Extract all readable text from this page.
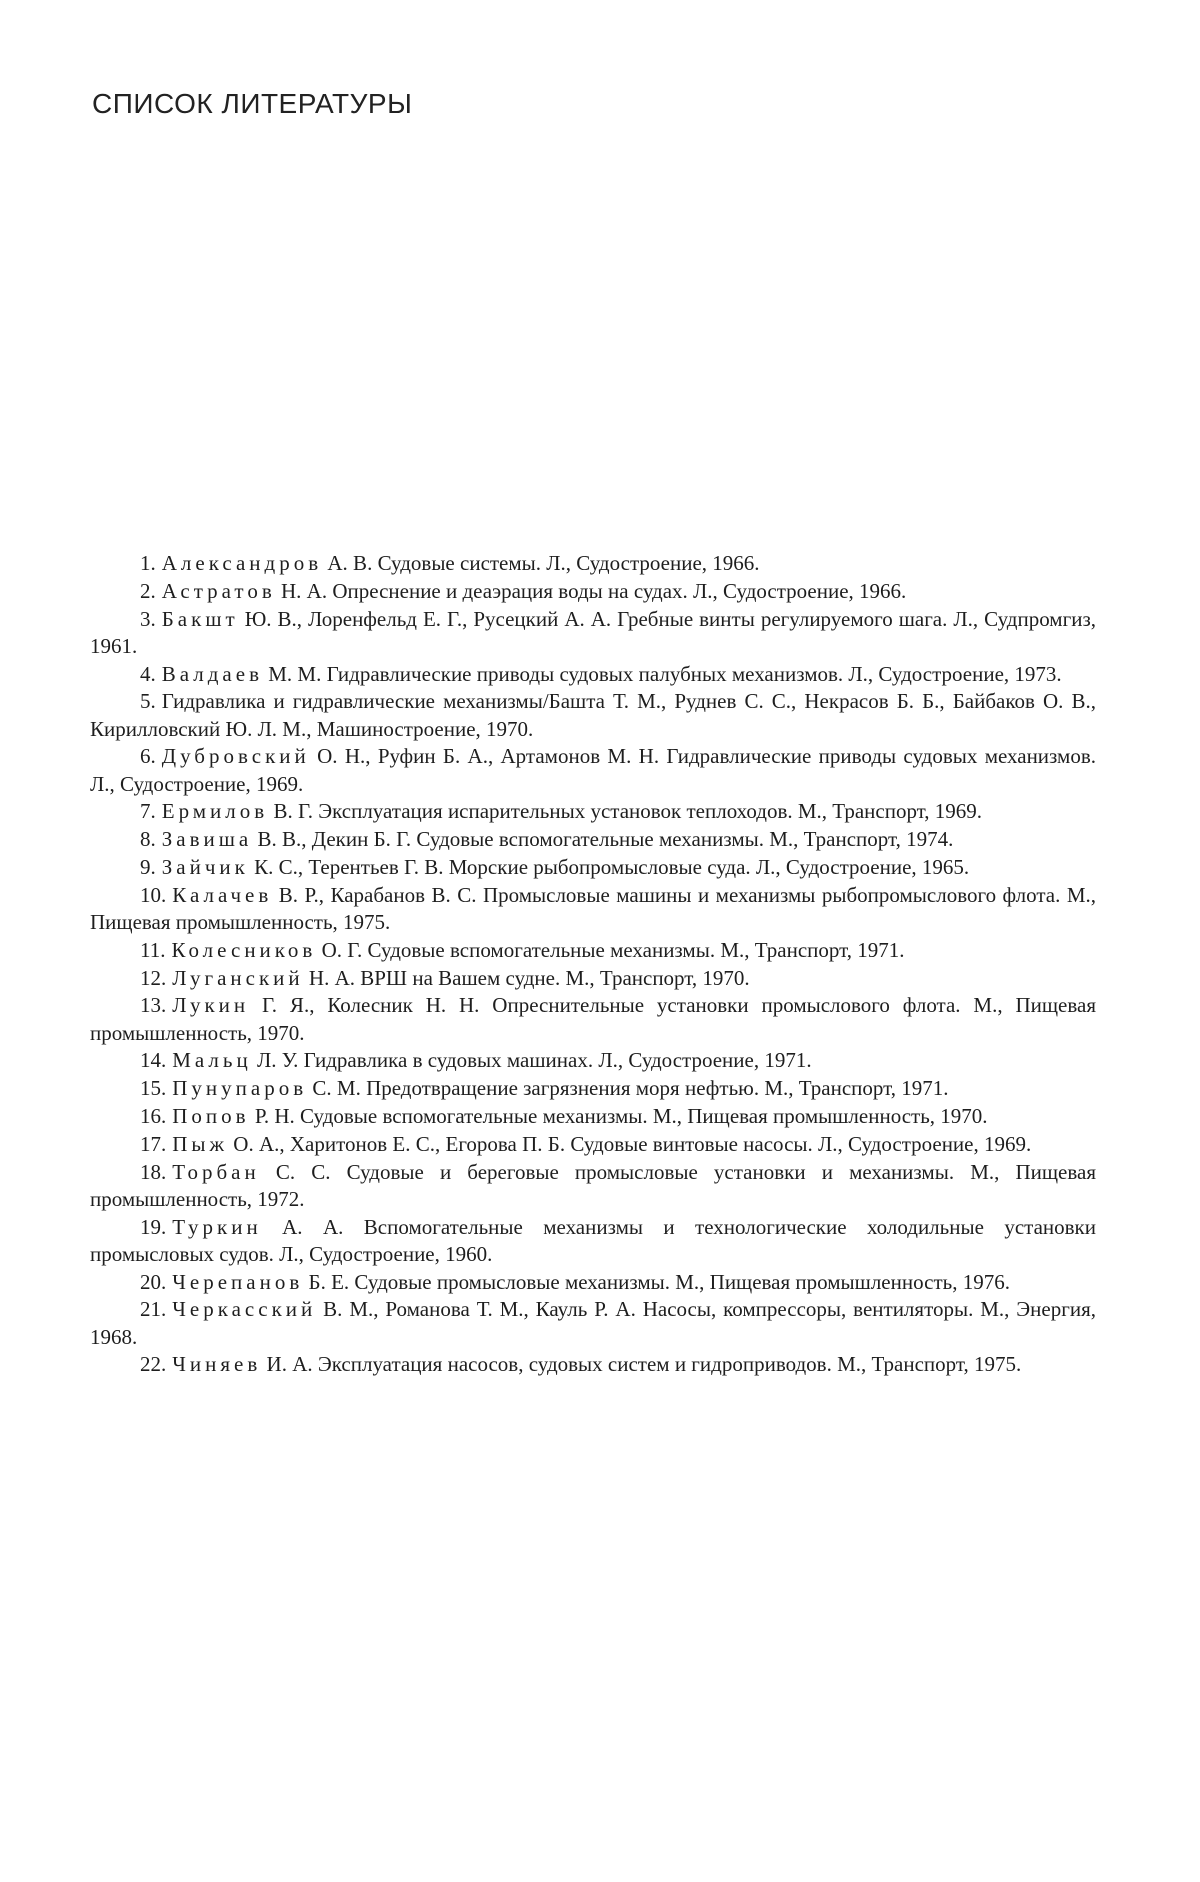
СПИСОК ЛИТЕРАТУРЫ
1. Александров А. В. Судовые системы. Л., Судостроение, 1966.
2. Астратов Н. А. Опреснение и деаэрация воды на судах. Л., Судостроение, 1966.
3. Бакшт Ю. В., Лоренфельд Е. Г., Русецкий А. А. Гребные винты регулируемого шага. Л., Судпромгиз, 1961.
4. Валдаев М. М. Гидравлические приводы судовых палубных механизмов. Л., Судостроение, 1973.
5. Гидравлика и гидравлические механизмы/Башта Т. М., Руднев С. С., Некрасов Б. Б., Байбаков О. В., Кирилловский Ю. Л. М., Машиностроение, 1970.
6. Дубровский О. Н., Руфин Б. А., Артамонов М. Н. Гидравлические приводы судовых механизмов. Л., Судостроение, 1969.
7. Ермилов В. Г. Эксплуатация испарительных установок теплоходов. М., Транспорт, 1969.
8. Завиша В. В., Декин Б. Г. Судовые вспомогательные механизмы. М., Транспорт, 1974.
9. Зайчик К. С., Терентьев Г. В. Морские рыбопромысловые суда. Л., Судостроение, 1965.
10. Калачев В. Р., Карабанов В. С. Промысловые машины и механизмы рыбопромыслового флота. М., Пищевая промышленность, 1975.
11. Колесников О. Г. Судовые вспомогательные механизмы. М., Транспорт, 1971.
12. Луганский Н. А. ВРШ на Вашем судне. М., Транспорт, 1970.
13. Лукин Г. Я., Колесник Н. Н. Опреснительные установки промыслового флота. М., Пищевая промышленность, 1970.
14. Мальц Л. У. Гидравлика в судовых машинах. Л., Судостроение, 1971.
15. Пунупаров С. М. Предотвращение загрязнения моря нефтью. М., Транспорт, 1971.
16. Попов Р. Н. Судовые вспомогательные механизмы. М., Пищевая промышленность, 1970.
17. Пыж О. А., Харитонов Е. С., Егорова П. Б. Судовые винтовые насосы. Л., Судостроение, 1969.
18. Торбан С. С. Судовые и береговые промысловые установки и механизмы. М., Пищевая промышленность, 1972.
19. Туркин А. А. Вспомогательные механизмы и технологические холодильные установки промысловых судов. Л., Судостроение, 1960.
20. Черепанов Б. Е. Судовые промысловые механизмы. М., Пищевая промышленность, 1976.
21. Черкасский В. М., Романова Т. М., Кауль Р. А. Насосы, компрессоры, вентиляторы. М., Энергия, 1968.
22. Чиняев И. А. Эксплуатация насосов, судовых систем и гидроприводов. М., Транспорт, 1975.
